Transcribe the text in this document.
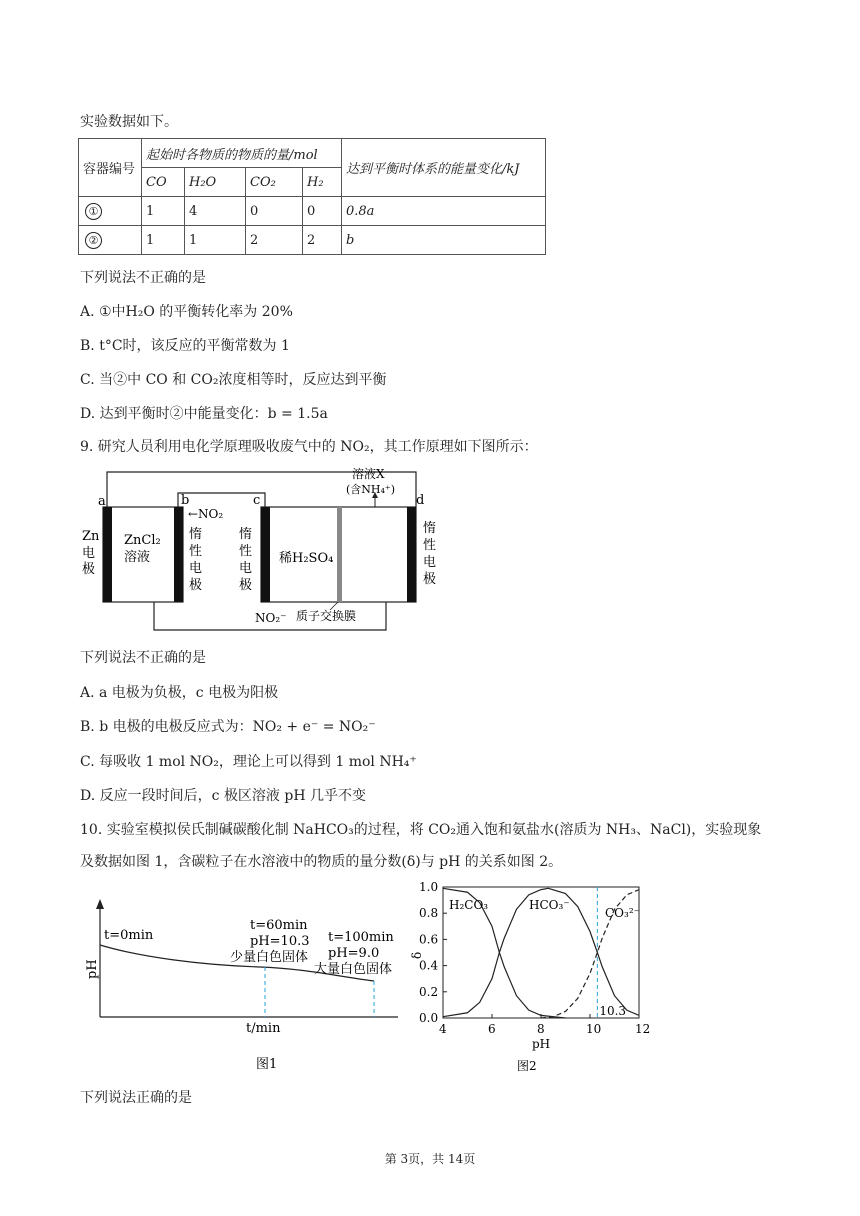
实验数据如下。
容器编号	起始时各物质的物质的量/mol				达到平衡时体系的能量变化/kJ
	CO	H₂O	CO₂	H₂	
①	1	4	0	0	0.8a
②	1	1	2	2	b
下列说法不正确的是
A. ①中H₂O 的平衡转化率为 20%
B. t°C时，该反应的平衡常数为 1
C. 当②中 CO 和 CO₂浓度相等时，反应达到平衡
D. 达到平衡时②中能量变化：b = 1.5a
9. 研究人员利用电化学原理吸收废气中的 NO₂，其工作原理如下图所示：
a	b	c	d
←NO₂
溶液X
(含NH₄⁺)
ZnCl₂
溶液
Zn
电
极
惰
性
电
极
惰
性
电
极
惰
性
电
极
稀H₂SO₄
NO₂⁻ 质子交换膜
下列说法不正确的是
A. a 电极为负极，c 电极为阳极
B. b 电极的电极反应式为：NO₂ + e⁻ = NO₂⁻
C. 每吸收 1 mol NO₂，理论上可以得到 1 mol NH₄⁺
D. 反应一段时间后，c 极区溶液 pH 几乎不变
10. 实验室模拟侯氏制碱碳酸化制 NaHCO₃的过程，将 CO₂通入饱和氨盐水(溶质为 NH₃、NaCl)，实验现象
及数据如图 1，含碳粒子在水溶液中的物质的量分数(δ)与 pH 的关系如图 2。
pH
t=0min
t=60min
pH=10.3
少量白色固体
t=100min
pH=9.0
大量白色固体
t/min
图1
4	6	8	10	12
0.0
0.2
0.4
0.6
0.8
1.0
10.3
H₂CO₃	HCO₃⁻
CO₃²⁻
δ
pH
图2
下列说法正确的是
第 3页，共 14页
